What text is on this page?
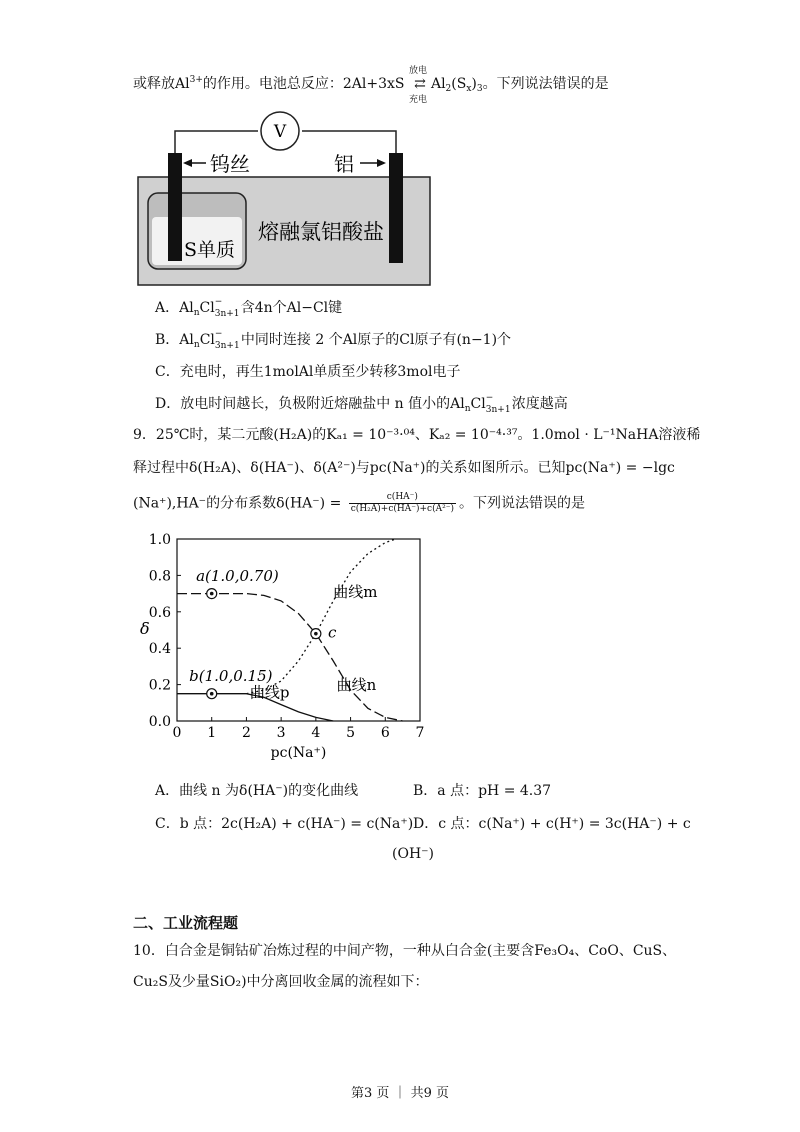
或释放$Al^{3+}$的作用。电池总反应：2Al+3xS ⇄
放电
充电
$Al_2(S_x)_3$。下列说法错误的是
V
钨丝	铝
S单质
熔融氯铝酸盐
A．$Al_nCl$ −
3n+1 含4n个Al−Cl键
B．$Al_nCl$ −
3n+1 中同时连接 2 个Al原子的Cl原子有(n−1)个
C．充电时，再生1molAl单质至少转移3mol电子
D．放电时间越长，负极附近熔融盐中 n 值小的$Al_nCl$ −
3n+1 浓度越高
9．25℃时，某二元酸(H₂A)的Kₐ₁ = 10⁻³·⁰⁴、Kₐ₂ = 10⁻⁴·³⁷。1.0mol · L⁻¹NaHA溶液稀
释过程中δ(H₂A)、δ(HA⁻)、δ(A²⁻)与pc(Na⁺)的关系如图所示。已知pc(Na⁺) = −lgc
(Na⁺),HA⁻的分布系数$\delta(HA^-) = \frac{c(HA^-)}{\text{c(H₂A)+c(HA⁻)+c(A²⁻)}}$ 。下列说法错误的是
0 1 2 3 4 5 6 7
0.0
0.2
0.4
0.6
0.8
1.0
pc(Na⁺)
δ
曲线m
曲线n
曲线p
a(1.0,0.70)
b(1.0,0.15)
c
A．曲线 n 为δ(HA⁻)的变化曲线	B．a 点：pH = 4.37
C．b 点：2c(H₂A) + c(HA⁻) = c(Na⁺) D．c 点：c(Na⁺) + c(H⁺) = 3c(HA⁻) + c
(OH⁻)
二、工业流程题
10．白合金是铜钴矿冶炼过程的中间产物，一种从白合金(主要含Fe₃O₄、CoO、CuS、
Cu₂S及少量SiO₂)中分离回收金属的流程如下：
第3 页 ｜ 共9 页
